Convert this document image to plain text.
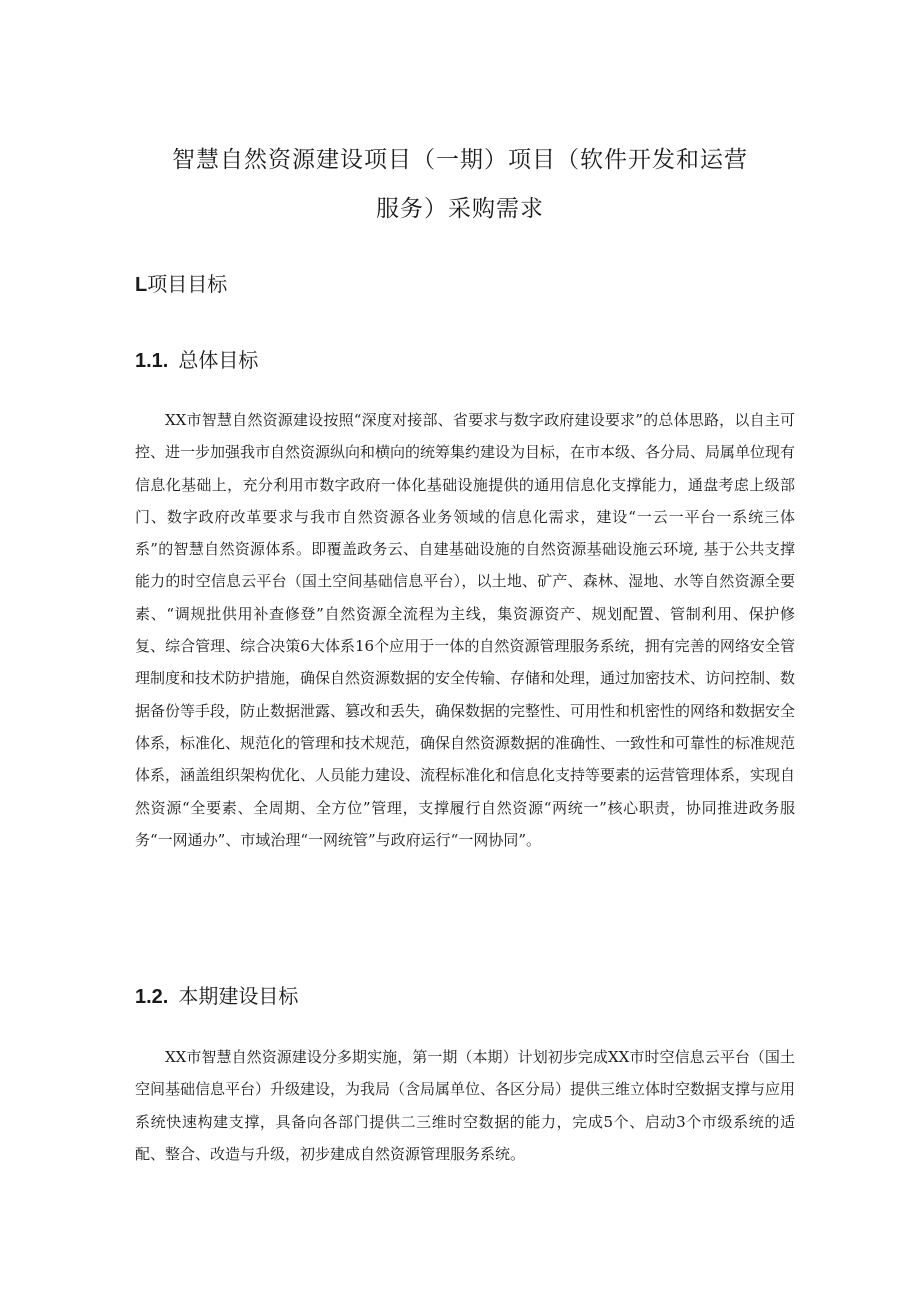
智慧自然资源建设项目（一期）项目（软件开发和运营
服务）采购需求
L项目目标
1.1. 总体目标

XX市智慧自然资源建设按照“深度对接部、省要求与数字政府建设要求”的总体思路，以自主可控、进一步加强我市自然资源纵向和横向的统筹集约建设为目标，在市本级、各分局、局属单位现有信息化基础上，充分利用市数字政府一体化基础设施提供的通用信息化支撑能力，通盘考虑上级部门、数字政府改革要求与我市自然资源各业务领域的信息化需求，建设“一云一平台一系统三体系”的智慧自然资源体系。即覆盖政务云、自建基础设施的自然资源基础设施云环境, 基于公共支撑能力的时空信息云平台（国土空间基础信息平台），以土地、矿产、森林、湿地、水等自然资源全要素、“调规批供用补查修登”自然资源全流程为主线，集资源资产、规划配置、管制利用、保护修复、综合管理、综合决策6大体系16个应用于一体的自然资源管理服务系统，拥有完善的网络安全管理制度和技术防护措施，确保自然资源数据的安全传输、存储和处理，通过加密技术、访问控制、数据备份等手段，防止数据泄露、篡改和丢失，确保数据的完整性、可用性和机密性的网络和数据安全体系，标准化、规范化的管理和技术规范，确保自然资源数据的准确性、一致性和可靠性的标准规范体系，涵盖组织架构优化、人员能力建设、流程标准化和信息化支持等要素的运营管理体系，实现自然资源“全要素、全周期、全方位”管理，支撑履行自然资源“两统一”核心职责，协同推进政务服务“一网通办”、市域治理“一网统管”与政府运行“一网协同”。

1.2. 本期建设目标

XX市智慧自然资源建设分多期实施，第一期（本期）计划初步完成XX市时空信息云平台（国土空间基础信息平台）升级建设，为我局（含局属单位、各区分局）提供三维立体时空数据支撑与应用系统快速构建支撑，具备向各部门提供二三维时空数据的能力，完成5个、启动3个市级系统的适配、整合、改造与升级，初步建成自然资源管理服务系统。
